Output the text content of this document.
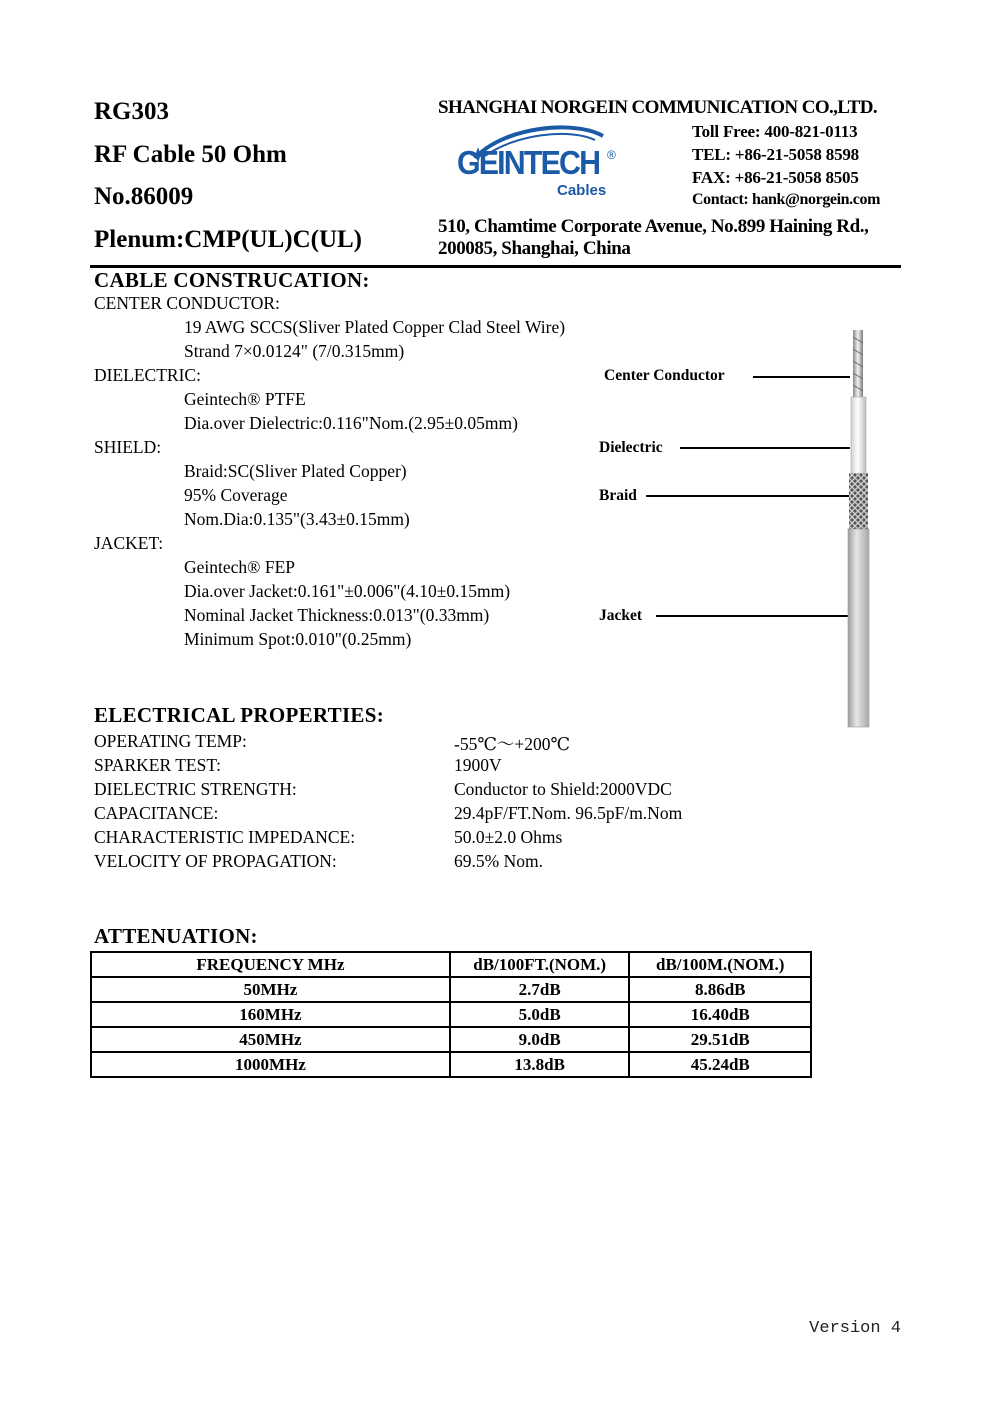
RG303
RF Cable 50 Ohm
No.86009
Plenum:CMP(UL)C(UL)
SHANGHAI NORGEIN COMMUNICATION CO.,LTD.
GEINTECH ®
Cables
Toll Free: 400-821-0113
TEL: +86-21-5058 8598
FAX: +86-21-5058 8505
Contact: hank@norgein.com
510, Chamtime Corporate Avenue, No.899 Haining Rd.,
200085, Shanghai, China
CABLE CONSTRUCATION:
CENTER CONDUCTOR:
19 AWG SCCS(Sliver Plated Copper Clad Steel Wire)
Strand 7×0.0124" (7/0.315mm)
DIELECTRIC:
Geintech® PTFE
Dia.over Dielectric:0.116"Nom.(2.95±0.05mm)
SHIELD:
Braid:SC(Sliver Plated Copper)
95% Coverage
Nom.Dia:0.135"(3.43±0.15mm)
JACKET:
Geintech® FEP
Dia.over Jacket:0.161"±0.006"(4.10±0.15mm)
Nominal Jacket Thickness:0.013"(0.33mm)
Minimum Spot:0.010"(0.25mm)
Center Conductor
Dielectric
Braid
Jacket
ELECTRICAL PROPERTIES:
OPERATING TEMP:	-55℃～+200℃
SPARKER TEST:	1900V
DIELECTRIC STRENGTH:	Conductor to Shield:2000VDC
CAPACITANCE:	29.4pF/FT.Nom. 96.5pF/m.Nom
CHARACTERISTIC IMPEDANCE:	50.0±2.0 Ohms
VELOCITY OF PROPAGATION:	69.5% Nom.
ATTENUATION:
FREQUENCY MHz	dB/100FT.(NOM.)	dB/100M.(NOM.)
50MHz	2.7dB	8.86dB
160MHz	5.0dB	16.40dB
450MHz	9.0dB	29.51dB
1000MHz	13.8dB	45.24dB
Version 4
